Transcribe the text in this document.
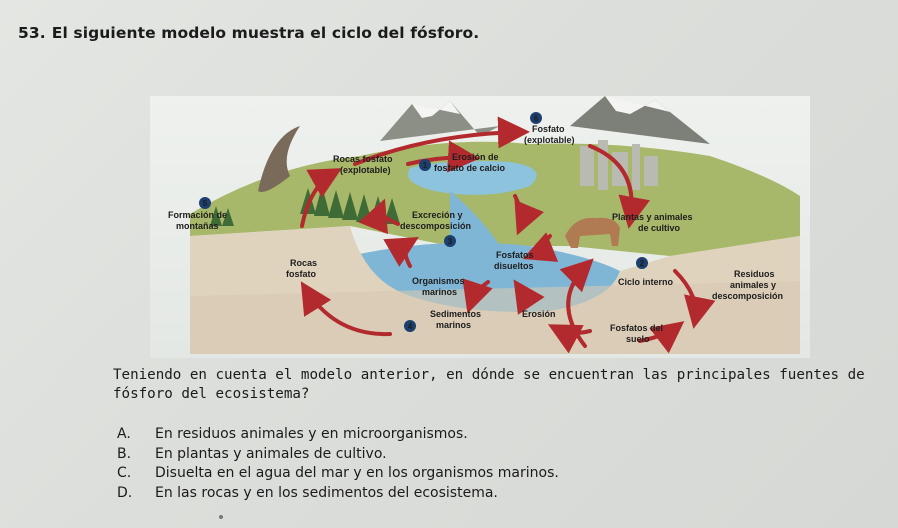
53. El siguiente modelo muestra el ciclo del fósforo.
1
2
3
4
5
6
Fosfato
(explotable)
Rocas fosfato
(explotable)
Erosión de
fosfato de calcio
Formación de
montañas
Excreción y
descomposición
Plantas y animales
de cultivo
Rocas
fosfato
Fosfatos
disueltos
Ciclo interno
Residuos
animales y
descomposición
Organismos
marinos
Sedimentos
marinos
Erosión
Fosfatos del
suelo
Teniendo en cuenta el modelo anterior, en dónde se encuentran las principales fuentes de fósforo del ecosistema?
A.	En residuos animales y en microorganismos.
B.	En plantas y animales de cultivo.
C.	Disuelta en el agua del mar y en los organismos marinos.
D.	En las rocas y en los sedimentos del ecosistema.
